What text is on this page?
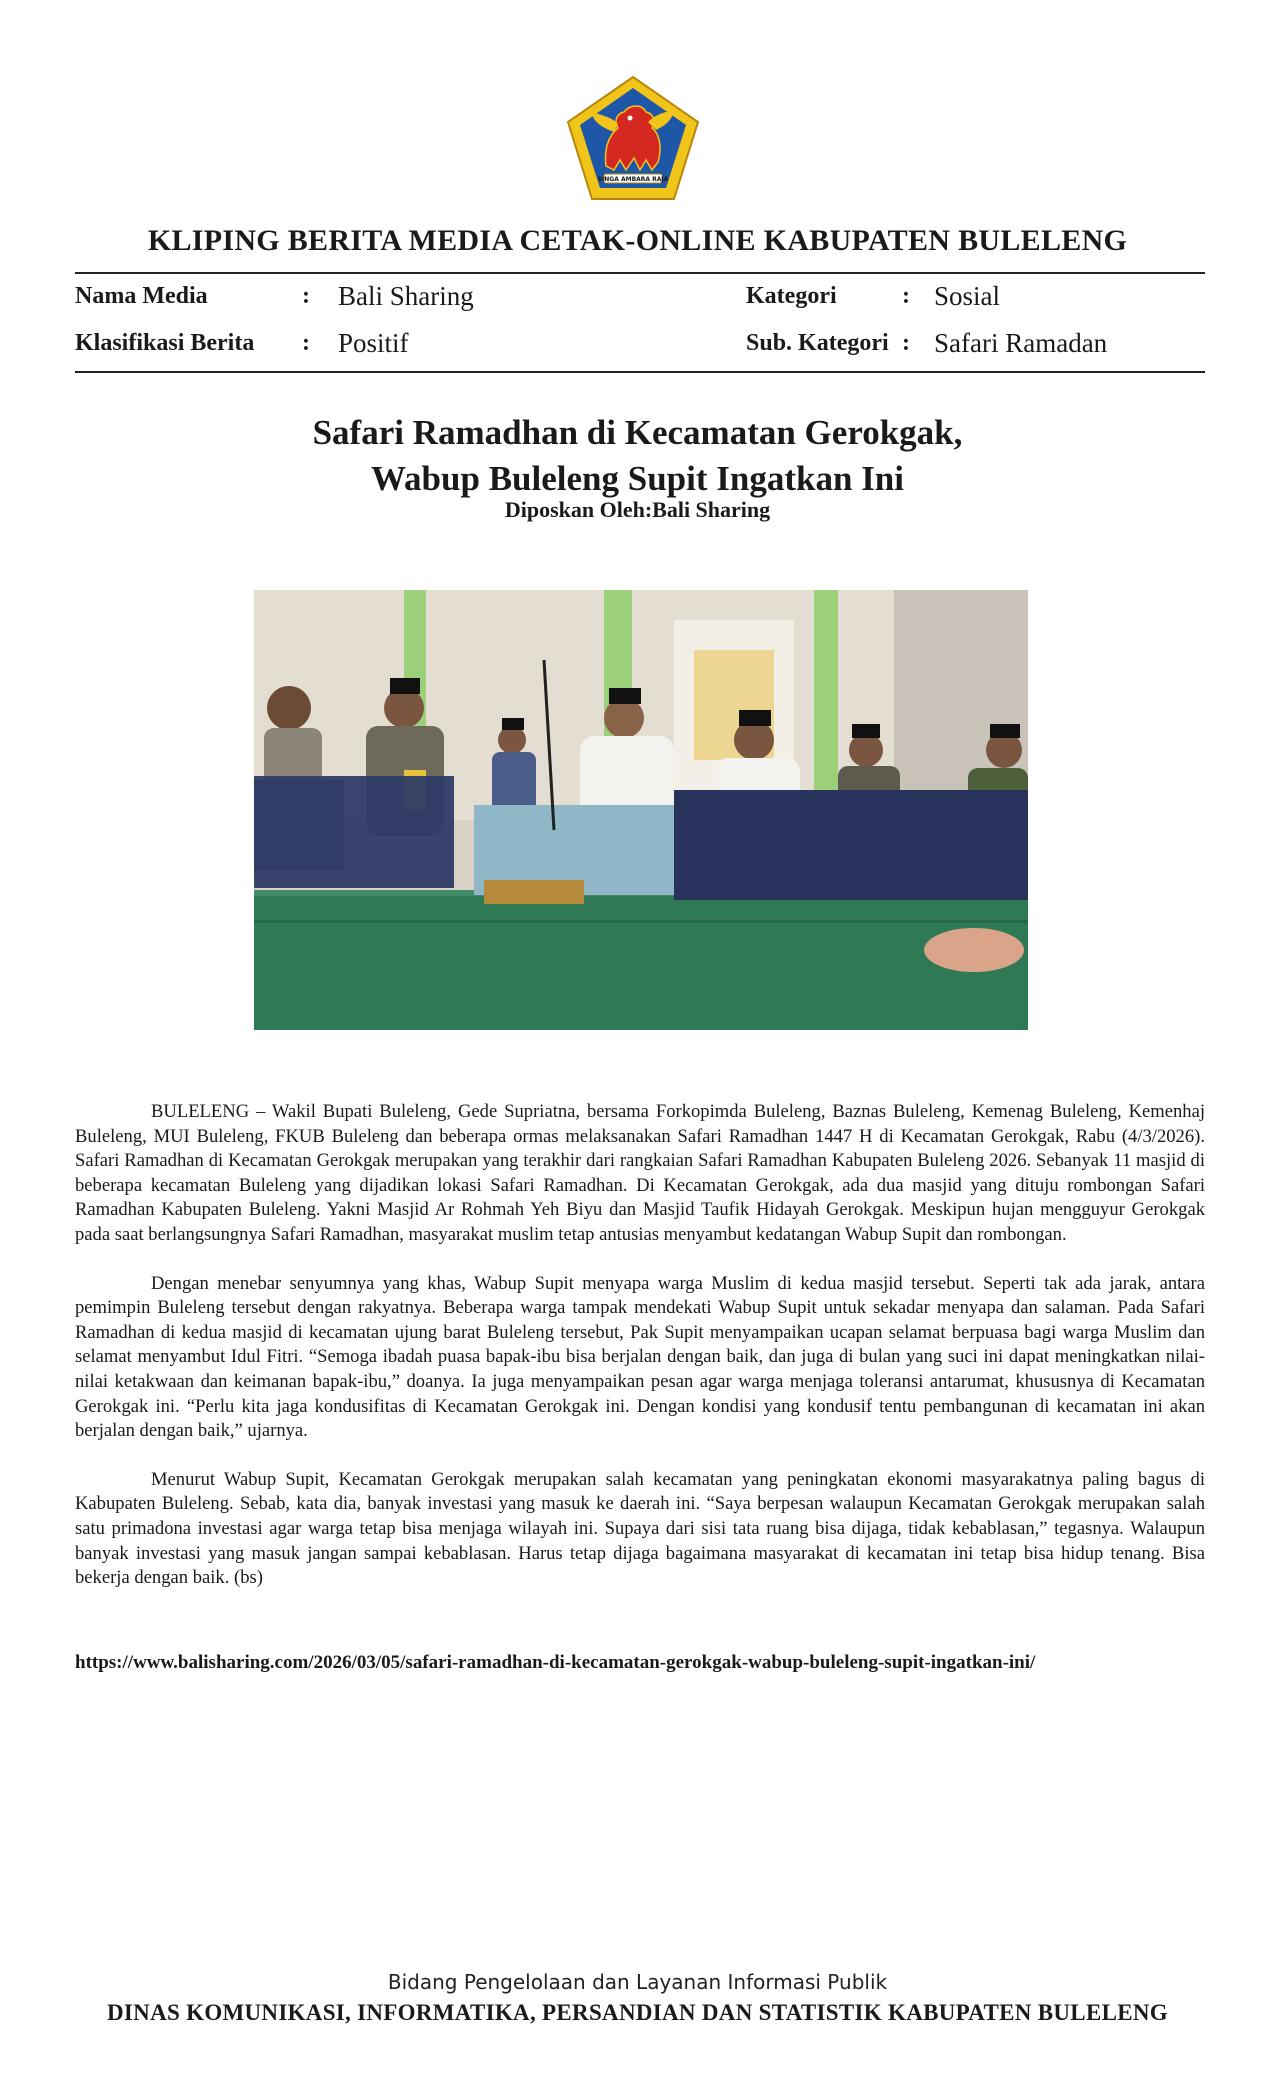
SINGA AMBARA RAJA
KLIPING BERITA MEDIA CETAK-ONLINE KABUPATEN BULELENG
Nama Media	: Bali Sharing	Kategori	: Sosial
Klasifikasi Berita : Positif	Sub. Kategori : Safari Ramadan
Safari Ramadhan di Kecamatan Gerokgak,
Wabup Buleleng Supit Ingatkan Ini
Diposkan Oleh:Bali Sharing

BULELENG – Wakil Bupati Buleleng, Gede Supriatna, bersama Forkopimda Buleleng, Baznas Buleleng, Kemenag Buleleng, Kemenhaj Buleleng, MUI Buleleng, FKUB Buleleng dan beberapa ormas melaksanakan Safari Ramadhan 1447 H di Kecamatan Gerokgak, Rabu (4/3/2026). Safari Ramadhan di Kecamatan Gerokgak merupakan yang terakhir dari rangkaian Safari Ramadhan Kabupaten Buleleng 2026. Sebanyak 11 masjid di beberapa kecamatan Buleleng yang dijadikan lokasi Safari Ramadhan. Di Kecamatan Gerokgak, ada dua masjid yang dituju rombongan Safari Ramadhan Kabupaten Buleleng. Yakni Masjid Ar Rohmah Yeh Biyu dan Masjid Taufik Hidayah Gerokgak. Meskipun hujan mengguyur Gerokgak pada saat berlangsungnya Safari Ramadhan, masyarakat muslim tetap antusias menyambut kedatangan Wabup Supit dan rombongan.

Dengan menebar senyumnya yang khas, Wabup Supit menyapa warga Muslim di kedua masjid tersebut. Seperti tak ada jarak, antara pemimpin Buleleng tersebut dengan rakyatnya. Beberapa warga tampak mendekati Wabup Supit untuk sekadar menyapa dan salaman. Pada Safari Ramadhan di kedua masjid di kecamatan ujung barat Buleleng tersebut, Pak Supit menyampaikan ucapan selamat berpuasa bagi warga Muslim dan selamat menyambut Idul Fitri. “Semoga ibadah puasa bapak-ibu bisa berjalan dengan baik, dan juga di bulan yang suci ini dapat meningkatkan nilai-nilai ketakwaan dan keimanan bapak-ibu,” doanya. Ia juga menyampaikan pesan agar warga menjaga toleransi antarumat, khususnya di Kecamatan Gerokgak ini. “Perlu kita jaga kondusifitas di Kecamatan Gerokgak ini. Dengan kondisi yang kondusif tentu pembangunan di kecamatan ini akan berjalan dengan baik,” ujarnya.

Menurut Wabup Supit, Kecamatan Gerokgak merupakan salah kecamatan yang peningkatan ekonomi masyarakatnya paling bagus di Kabupaten Buleleng. Sebab, kata dia, banyak investasi yang masuk ke daerah ini. “Saya berpesan walaupun Kecamatan Gerokgak merupakan salah satu primadona investasi agar warga tetap bisa menjaga wilayah ini. Supaya dari sisi tata ruang bisa dijaga, tidak kebablasan,” tegasnya. Walaupun banyak investasi yang masuk jangan sampai kebablasan. Harus tetap dijaga bagaimana masyarakat di kecamatan ini tetap bisa hidup tenang. Bisa bekerja dengan baik. (bs)

https://www.balisharing.com/2026/03/05/safari-ramadhan-di-kecamatan-gerokgak-wabup-buleleng-supit-ingatkan-ini/
Bidang Pengelolaan dan Layanan Informasi Publik
DINAS KOMUNIKASI, INFORMATIKA, PERSANDIAN DAN STATISTIK KABUPATEN BULELENG
